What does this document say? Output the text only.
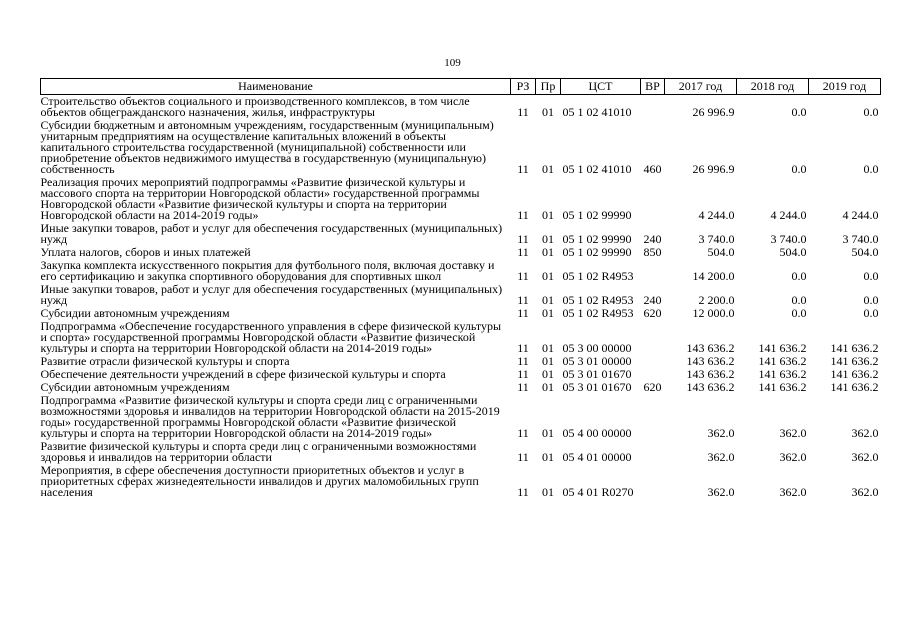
109
Наименование	РЗ	Пр	ЦСТ	ВР	2017 год	2018 год	2019 год
Строительство объектов социального и производственного комплексов, в том числе объектов общегражданского назначения, жилья, инфраструктуры	11	01	05 1 02 41010		26 996.9	0.0	0.0
Субсидии бюджетным и автономным учреждениям, государственным (муниципальным) унитарным предприятиям на осуществление капитальных вложений в объекты капитального строительства государственной (муниципальной) собственности или приобретение объектов недвижимого имущества в государственную (муниципальную) собственность	11	01	05 1 02 41010	460	26 996.9	0.0	0.0
Реализация прочих мероприятий подпрограммы «Развитие физической культуры и массового спорта на территории Новгородской области» государственной программы Новгородской области «Развитие физической культуры и спорта на территории Новгородской области на 2014-2019 годы»	11	01	05 1 02 99990		4 244.0	4 244.0	4 244.0
Иные закупки товаров, работ и услуг для обеспечения государственных (муниципальных) нужд	11	01	05 1 02 99990	240	3 740.0	3 740.0	3 740.0
Уплата налогов, сборов и иных платежей	11	01	05 1 02 99990	850	504.0	504.0	504.0
Закупка комплекта искусственного покрытия для футбольного поля, включая доставку и его сертификацию и закупка спортивного оборудования для спортивных школ	11	01	05 1 02 R4953		14 200.0	0.0	0.0
Иные закупки товаров, работ и услуг для обеспечения государственных (муниципальных) нужд	11	01	05 1 02 R4953	240	2 200.0	0.0	0.0
Субсидии автономным учреждениям	11	01	05 1 02 R4953	620	12 000.0	0.0	0.0
Подпрограмма «Обеспечение государственного управления в сфере физической культуры и спорта» государственной программы Новгородской области «Развитие физической культуры и спорта на территории Новгородской области на 2014-2019 годы»	11	01	05 3 00 00000		143 636.2	141 636.2	141 636.2
Развитие отрасли физической культуры и спорта	11	01	05 3 01 00000		143 636.2	141 636.2	141 636.2
Обеспечение деятельности учреждений в сфере физической культуры и спорта	11	01	05 3 01 01670		143 636.2	141 636.2	141 636.2
Субсидии автономным учреждениям	11	01	05 3 01 01670	620	143 636.2	141 636.2	141 636.2
Подпрограмма «Развитие физической культуры и спорта среди лиц с ограниченными возможностями здоровья и инвалидов на территории Новгородской области на 2015-2019 годы» государственной программы Новгородской области «Развитие физической культуры и спорта на территории Новгородской области на 2014-2019 годы»	11	01	05 4 00 00000		362.0	362.0	362.0
Развитие физической культуры и спорта среди лиц с ограниченными возможностями здоровья и инвалидов на территории области	11	01	05 4 01 00000		362.0	362.0	362.0
Мероприятия, в сфере обеспечения доступности приоритетных объектов и услуг в приоритетных сферах жизнедеятельности инвалидов и других маломобильных групп населения	11	01	05 4 01 R0270		362.0	362.0	362.0
